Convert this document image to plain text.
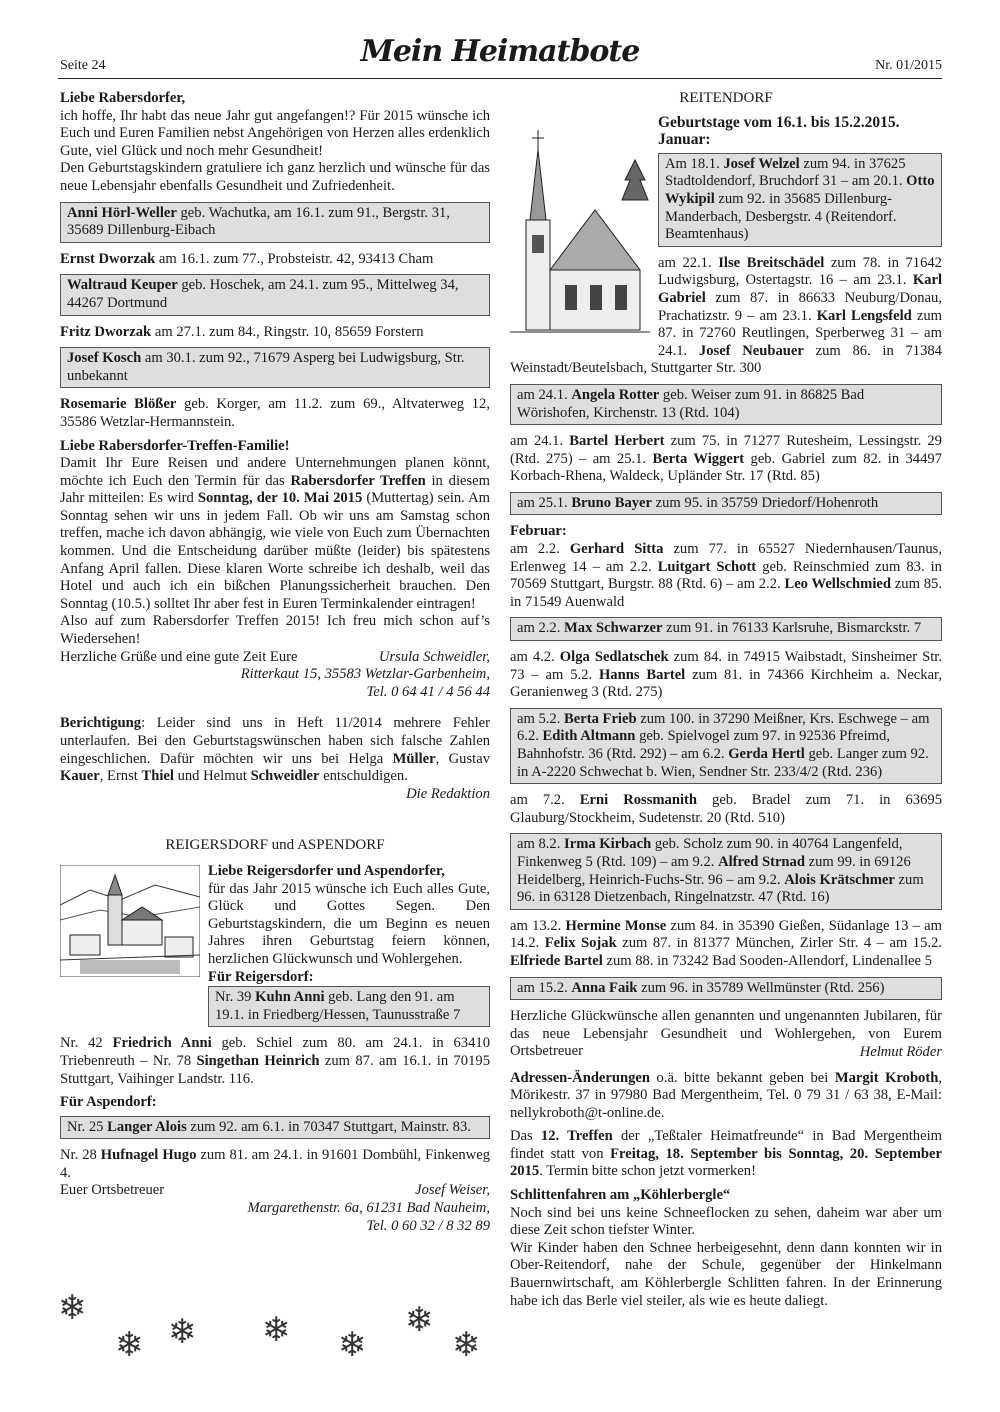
Seite 24	Mein Heimatbote	Nr. 01/2015

Liebe Rabersdorfer,

ich hoffe, Ihr habt das neue Jahr gut angefangen!? Für 2015 wünsche ich Euch und Euren Familien nebst Angehörigen von Herzen alles erdenklich Gute, viel Glück und noch mehr Gesundheit!

Den Geburtstagskindern gratuliere ich ganz herzlich und wünsche für das neue Lebensjahr ebenfalls Gesundheit und Zufriedenheit.

Anni Hörl-Weller geb. Wachutka, am 16.1. zum 91., Bergstr. 31, 35689 Dillenburg-Eibach

Ernst Dworzak am 16.1. zum 77., Probsteistr. 42, 93413 Cham

Waltraud Keuper geb. Hoschek, am 24.1. zum 95., Mittelweg 34, 44267 Dortmund

Fritz Dworzak am 27.1. zum 84., Ringstr. 10, 85659 Forstern

Josef Kosch am 30.1. zum 92., 71679 Asperg bei Ludwigsburg, Str. unbekannt

Rosemarie Blößer geb. Korger, am 11.2. zum 69., Altvaterweg 12, 35586 Wetzlar-Hermannstein.

Liebe Rabersdorfer-Treffen-Familie!

Damit Ihr Eure Reisen und andere Unternehmungen planen könnt, möchte ich Euch den Termin für das Rabersdorfer Treffen in diesem Jahr mitteilen: Es wird Sonntag, der 10. Mai 2015 (Muttertag) sein. Am Sonntag sehen wir uns in jedem Fall. Ob wir uns am Samstag schon treffen, mache ich davon abhängig, wie viele von Euch zum Übernachten kommen. Und die Entscheidung darüber müßte (leider) bis spätestens Anfang April fallen. Diese klaren Worte schreibe ich deshalb, weil das Hotel und auch ich ein bißchen Planungssicherheit brauchen. Den Sonntag (10.5.) solltet Ihr aber fest in Euren Terminkalender eintragen!

Also auf zum Rabersdorfer Treffen 2015! Ich freu mich schon auf’s Wiedersehen!

Herzliche Grüße und eine gute Zeit Eure	Ursula Schweidler,
Ritterkaut 15, 35583 Wetzlar-Garbenheim,
Tel. 0 64 41 / 4 56 44

Berichtigung: Leider sind uns in Heft 11/2014 mehrere Fehler unterlaufen. Bei den Geburtstagswünschen haben sich falsche Zahlen eingeschlichen. Dafür möchten wir uns bei Helga Müller, Gustav Kauer, Ernst Thiel und Helmut Schweidler entschuldigen.

Die Redaktion
REIGERSDORF und ASPENDORF

Liebe Reigersdorfer und Aspendorfer,

für das Jahr 2015 wünsche ich Euch alles Gute, Glück und Gottes Segen. Den Geburtstagskindern, die um Beginn es neuen Jahres ihren Geburtstag feiern können, herzlichen Glückwunsch und Wohlergehen.

Für Reigersdorf:

Nr. 39 Kuhn Anni geb. Lang den 91. am 19.1. in Friedberg/Hessen, Taunusstraße 7

Nr. 42 Friedrich Anni geb. Schiel zum 80. am 24.1. in 63410 Triebenreuth – Nr. 78 Singethan Heinrich zum 87. am 16.1. in 70195 Stuttgart, Vaihinger Landstr. 116.

Für Aspendorf:

Nr. 25 Langer Alois zum 92. am 6.1. in 70347 Stuttgart, Mainstr. 83.

Nr. 28 Hufnagel Hugo zum 81. am 24.1. in 91601 Dombühl, Finkenweg 4.

Euer Ortsbetreuer	Josef Weiser,
Margarethenstr. 6a, 61231 Bad Nauheim,
Tel. 0 60 32 / 8 32 89
❄
❄ ❄ ❄ ❄
❄
❄
REITENDORF
Geburtstage vom 16.1. bis 15.2.2015.
Januar:
Am 18.1. Josef Welzel zum 94. in 37625 Stadtoldendorf, Bruchdorf 31 – am 20.1. Otto Wykipil zum 92. in 35685 Dillenburg-Manderbach, Desbergstr. 4 (Reitendorf. Beamtenhaus)

am 22.1. Ilse Breitschädel zum 78. in 71642 Ludwigsburg, Ostertagstr. 16 – am 23.1. Karl Gabriel zum 87. in 86633 Neuburg/Donau, Prachatizstr. 9 – am 23.1. Karl Lengsfeld zum 87. in 72760 Reutlingen, Sperberweg 31 – am 24.1. Josef Neubauer zum 86. in 71384 Weinstadt/Beutelsbach, Stuttgarter Str. 300

am 24.1. Angela Rotter geb. Weiser zum 91. in 86825 Bad Wörishofen, Kirchenstr. 13 (Rtd. 104)

am 24.1. Bartel Herbert zum 75. in 71277 Rutesheim, Lessingstr. 29 (Rtd. 275) – am 25.1. Berta Wiggert geb. Gabriel zum 82. in 34497 Korbach-Rhena, Waldeck, Upländer Str. 17 (Rtd. 85)

am 25.1. Bruno Bayer zum 95. in 35759 Driedorf/Hohenroth
Februar:

am 2.2. Gerhard Sitta zum 77. in 65527 Niedernhausen/Taunus, Erlenweg 14 – am 2.2. Luitgart Schott geb. Reinschmied zum 83. in 70569 Stuttgart, Burgstr. 88 (Rtd. 6) – am 2.2. Leo Wellschmied zum 85. in 71549 Auenwald

am 2.2. Max Schwarzer zum 91. in 76133 Karlsruhe, Bismarckstr. 7

am 4.2. Olga Sedlatschek zum 84. in 74915 Waibstadt, Sinsheimer Str. 73 – am 5.2. Hanns Bartel zum 81. in 74366 Kirchheim a. Neckar, Geranienweg 3 (Rtd. 275)

am 5.2. Berta Frieb zum 100. in 37290 Meißner, Krs. Eschwege – am 6.2. Edith Altmann geb. Spielvogel zum 97. in 92536 Pfreimd, Bahnhofstr. 36 (Rtd. 292) – am 6.2. Gerda Hertl geb. Langer zum 92. in A-2220 Schwechat b. Wien, Sendner Str. 233/4/2 (Rtd. 236)

am 7.2. Erni Rossmanith geb. Bradel zum 71. in 63695 Glauburg/Stockheim, Sudetenstr. 20 (Rtd. 510)

am 8.2. Irma Kirbach geb. Scholz zum 90. in 40764 Langenfeld, Finkenweg 5 (Rtd. 109) – am 9.2. Alfred Strnad zum 99. in 69126 Heidelberg, Heinrich-Fuchs-Str. 96 – am 9.2. Alois Krätschmer zum 96. in 63128 Dietzenbach, Ringelnatzstr. 47 (Rtd. 16)

am 13.2. Hermine Monse zum 84. in 35390 Gießen, Südanlage 13 – am 14.2. Felix Sojak zum 87. in 81377 München, Zirler Str. 4 – am 15.2. Elfriede Bartel zum 88. in 73242 Bad Sooden-Allendorf, Lindenallee 5

am 15.2. Anna Faik zum 96. in 35789 Wellmünster (Rtd. 256)

Herzliche Glückwünsche allen genannten und ungenannten Jubilaren, für das neue Lebensjahr Gesundheit und Wohlergehen, von Eurem Ortsbetreuer	Helmut Röder

Adressen-Änderungen o.ä. bitte bekannt geben bei Margit Kroboth, Mörikestr. 37 in 97980 Bad Mergentheim, Tel. 0 79 31 / 63 38, E-Mail: nellykroboth@t-online.de.

Das 12. Treffen der „Teßtaler Heimatfreunde“ in Bad Mergentheim findet statt von Freitag, 18. September bis Sonntag, 20. September 2015. Termin bitte schon jetzt vormerken!

Schlittenfahren am „Köhlerbergle“

Noch sind bei uns keine Schneeflocken zu sehen, daheim war aber um diese Zeit schon tiefster Winter.

Wir Kinder haben den Schnee herbeigesehnt, denn dann konnten wir in Ober-Reitendorf, nahe der Schule, gegenüber der Hinkelmann Bauernwirtschaft, am Köhlerbergle Schlitten fahren. In der Erinnerung habe ich das Berle viel steiler, als wie es heute daliegt.
